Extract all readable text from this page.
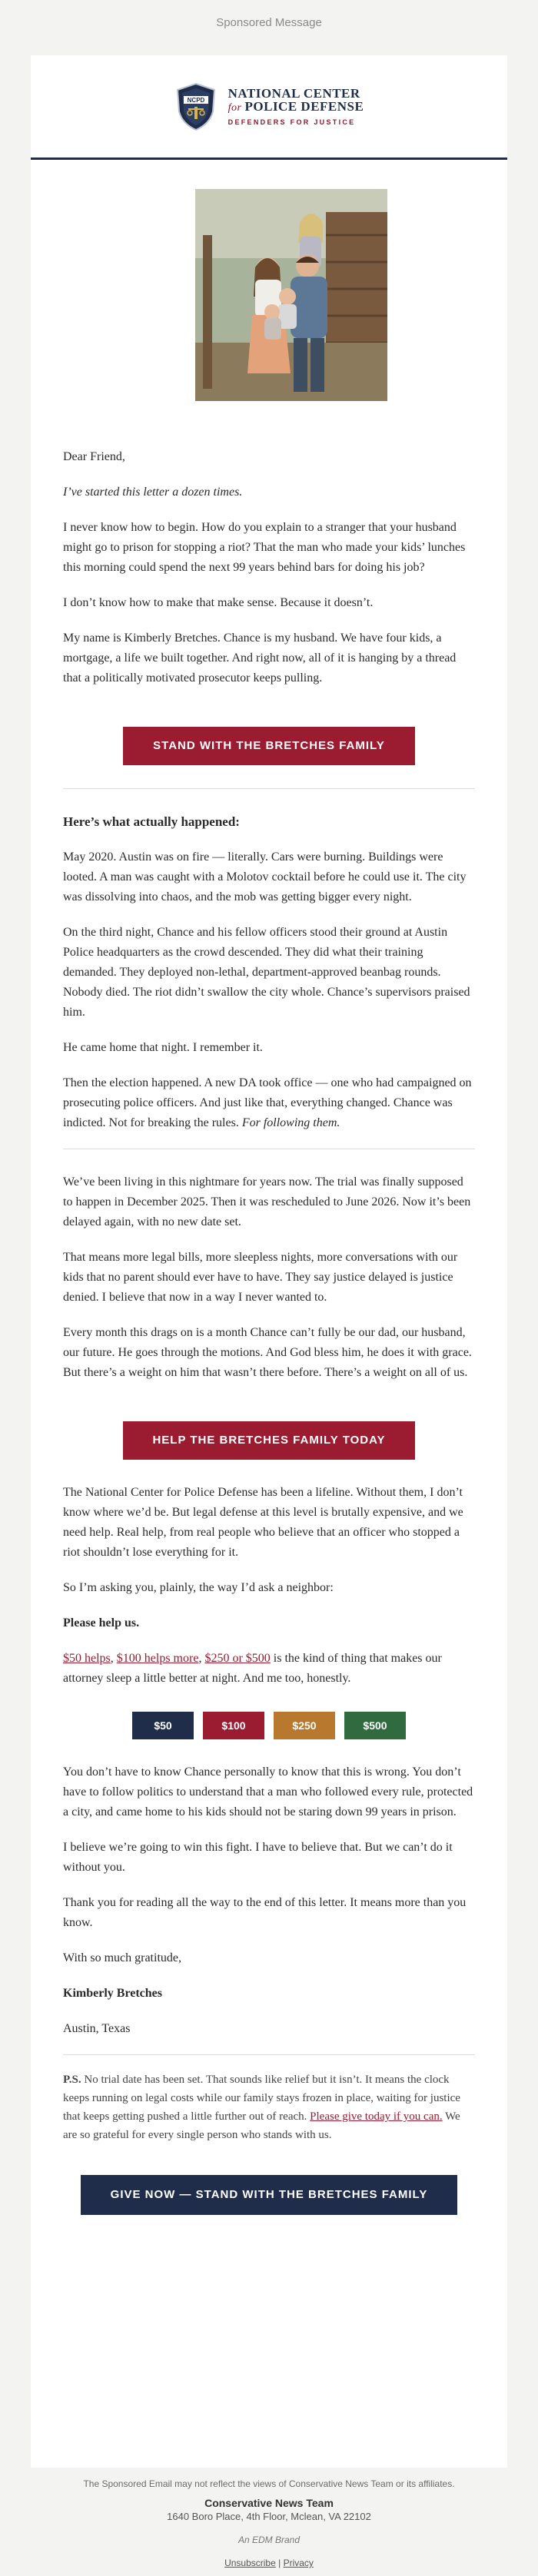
Sponsored Message
NCPD NATIONAL CENTER
for POLICE DEFENSE
DEFENDERS FOR JUSTICE

Dear Friend,

I’ve started this letter a dozen times.

I never know how to begin. How do you explain to a stranger that your husband might go to prison for stopping a riot? That the man who made your kids’ lunches this morning could spend the next 99 years behind bars for doing his job?

I don’t know how to make that make sense. Because it doesn’t.

My name is Kimberly Bretches. Chance is my husband. We have four kids, a mortgage, a life we built together. And right now, all of it is hanging by a thread that a politically motivated prosecutor keeps pulling.

STAND WITH THE BRETCHES FAMILY

Here’s what actually happened:

May 2020. Austin was on fire — literally. Cars were burning. Buildings were looted. A man was caught with a Molotov cocktail before he could use it. The city was dissolving into chaos, and the mob was getting bigger every night.

On the third night, Chance and his fellow officers stood their ground at Austin Police headquarters as the crowd descended. They did what their training demanded. They deployed non-lethal, department-approved beanbag rounds. Nobody died. The riot didn’t swallow the city whole. Chance’s supervisors praised him.

He came home that night. I remember it.

Then the election happened. A new DA took office — one who had campaigned on prosecuting police officers. And just like that, everything changed. Chance was indicted. Not for breaking the rules. For following them.

We’ve been living in this nightmare for years now. The trial was finally supposed to happen in December 2025. Then it was rescheduled to June 2026. Now it’s been delayed again, with no new date set.

That means more legal bills, more sleepless nights, more conversations with our kids that no parent should ever have to have. They say justice delayed is justice denied. I believe that now in a way I never wanted to.

Every month this drags on is a month Chance can’t fully be our dad, our husband, our future. He goes through the motions. And God bless him, he does it with grace. But there’s a weight on him that wasn’t there before. There’s a weight on all of us.

HELP THE BRETCHES FAMILY TODAY

The National Center for Police Defense has been a lifeline. Without them, I don’t know where we’d be. But legal defense at this level is brutally expensive, and we need help. Real help, from real people who believe that an officer who stopped a riot shouldn’t lose everything for it.

So I’m asking you, plainly, the way I’d ask a neighbor:

Please help us.

$50 helps, $100 helps more, $250 or $500 is the kind of thing that makes our attorney sleep a little better at night. And me too, honestly.

$50	$100	$250	$500

You don’t have to know Chance personally to know that this is wrong. You don’t have to follow politics to understand that a man who followed every rule, protected a city, and came home to his kids should not be staring down 99 years in prison.

I believe we’re going to win this fight. I have to believe that. But we can’t do it without you.

Thank you for reading all the way to the end of this letter. It means more than you know.

With so much gratitude,

Kimberly Bretches

Austin, Texas

P.S. No trial date has been set. That sounds like relief but it isn’t. It means the clock keeps running on legal costs while our family stays frozen in place, waiting for justice that keeps getting pushed a little further out of reach. Please give today if you can. We are so grateful for every single person who stands with us.

GIVE NOW — STAND WITH THE BRETCHES FAMILY
The Sponsored Email may not reflect the views of Conservative News Team or its affiliates.
Conservative News Team
1640 Boro Place, 4th Floor, Mclean, VA 22102
An EDM Brand
Unsubscribe | Privacy
